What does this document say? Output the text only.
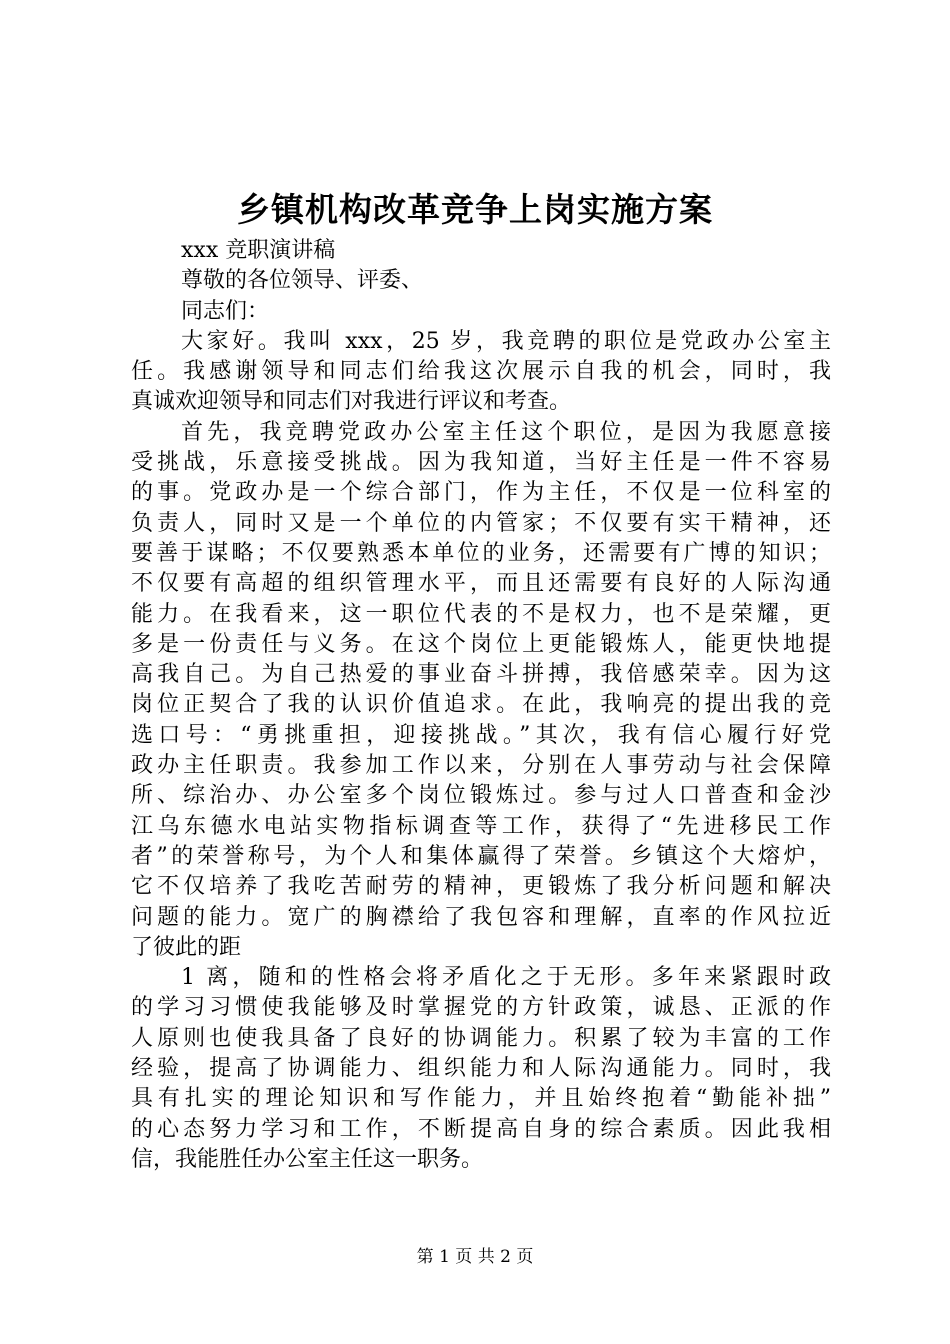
乡镇机构改革竞争上岗实施方案
xxx 竞职演讲稿
尊敬的各位领导、评委、
同志们：
大家好。我叫 xxx，25 岁，我竞聘的职位是党政办公室主
任。我感谢领导和同志们给我这次展示自我的机会，同时，我
真诚欢迎领导和同志们对我进行评议和考查。
首先，我竞聘党政办公室主任这个职位，是因为我愿意接
受挑战，乐意接受挑战。因为我知道，当好主任是一件不容易
的事。党政办是一个综合部门，作为主任，不仅是一位科室的
负责人，同时又是一个单位的内管家；不仅要有实干精神，还
要善于谋略；不仅要熟悉本单位的业务，还需要有广博的知识；
不仅要有高超的组织管理水平，而且还需要有良好的人际沟通
能力。在我看来，这一职位代表的不是权力，也不是荣耀，更
多是一份责任与义务。在这个岗位上更能锻炼人，能更快地提
高我自己。为自己热爱的事业奋斗拼搏，我倍感荣幸。因为这
岗位正契合了我的认识价值追求。在此，我响亮的提出我的竞
选口号：“勇挑重担，迎接挑战。”其次，我有信心履行好党
政办主任职责。我参加工作以来，分别在人事劳动与社会保障
所、综治办、办公室多个岗位锻炼过。参与过人口普查和金沙
江乌东德水电站实物指标调查等工作，获得了“先进移民工作
者”的荣誉称号，为个人和集体赢得了荣誉。乡镇这个大熔炉，
它不仅培养了我吃苦耐劳的精神，更锻炼了我分析问题和解决
问题的能力。宽广的胸襟给了我包容和理解，直率的作风拉近
了彼此的距
1 离，随和的性格会将矛盾化之于无形。多年来紧跟时政
的学习习惯使我能够及时掌握党的方针政策，诚恳、正派的作
人原则也使我具备了良好的协调能力。积累了较为丰富的工作
经验，提高了协调能力、组织能力和人际沟通能力。同时，我
具有扎实的理论知识和写作能力，并且始终抱着“勤能补拙”
的心态努力学习和工作，不断提高自身的综合素质。因此我相
信，我能胜任办公室主任这一职务。
第 1 页 共 2 页
